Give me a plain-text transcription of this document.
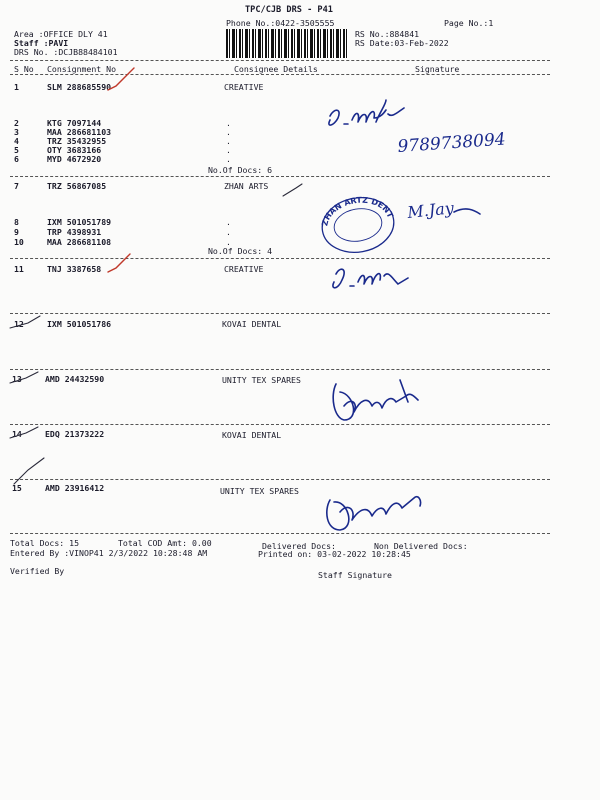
TPC/CJB DRS - P41
Phone No.:0422-3505555	Page No.:1
Area :OFFICE DLY 41
Staff :PAVI
DRS No. :DCJB88484101
RS No.:884841
RS Date:03-Feb-2022
S No Consignment No	Consignee Details	Signature
1	SLM 288685590	CREATIVE
2	KTG 7097144	.
3	MAA 286681103	.
4	TRZ 35432955	.
5	OTY 3683166	.
6	MYD 4672920	.
No.Of Docs: 6
7	TRZ 56867085	ZHAN ARTS
8	IXM 501051789	.
9	TRP 4398931	.
10	MAA 286681108	.
No.Of Docs: 4
11	TNJ 3387658	CREATIVE
12	IXM 501051786	KOVAI DENTAL
13	AMD 24432590	UNITY TEX SPARES
14	EDQ 21373222	KOVAI DENTAL
15	AMD 23916412	UNITY TEX SPARES
Total Docs: 15	Total COD Amt: 0.00	Delivered Docs:	Non Delivered Docs:
Entered By :VINOP41 2/3/2022 10:28:48 AM	Printed on: 03-02-2022 10:28:45
Verified By	Staff Signature
9789738094
ZHAN ARTZ DENTAL LAB CBE
M.Jay
